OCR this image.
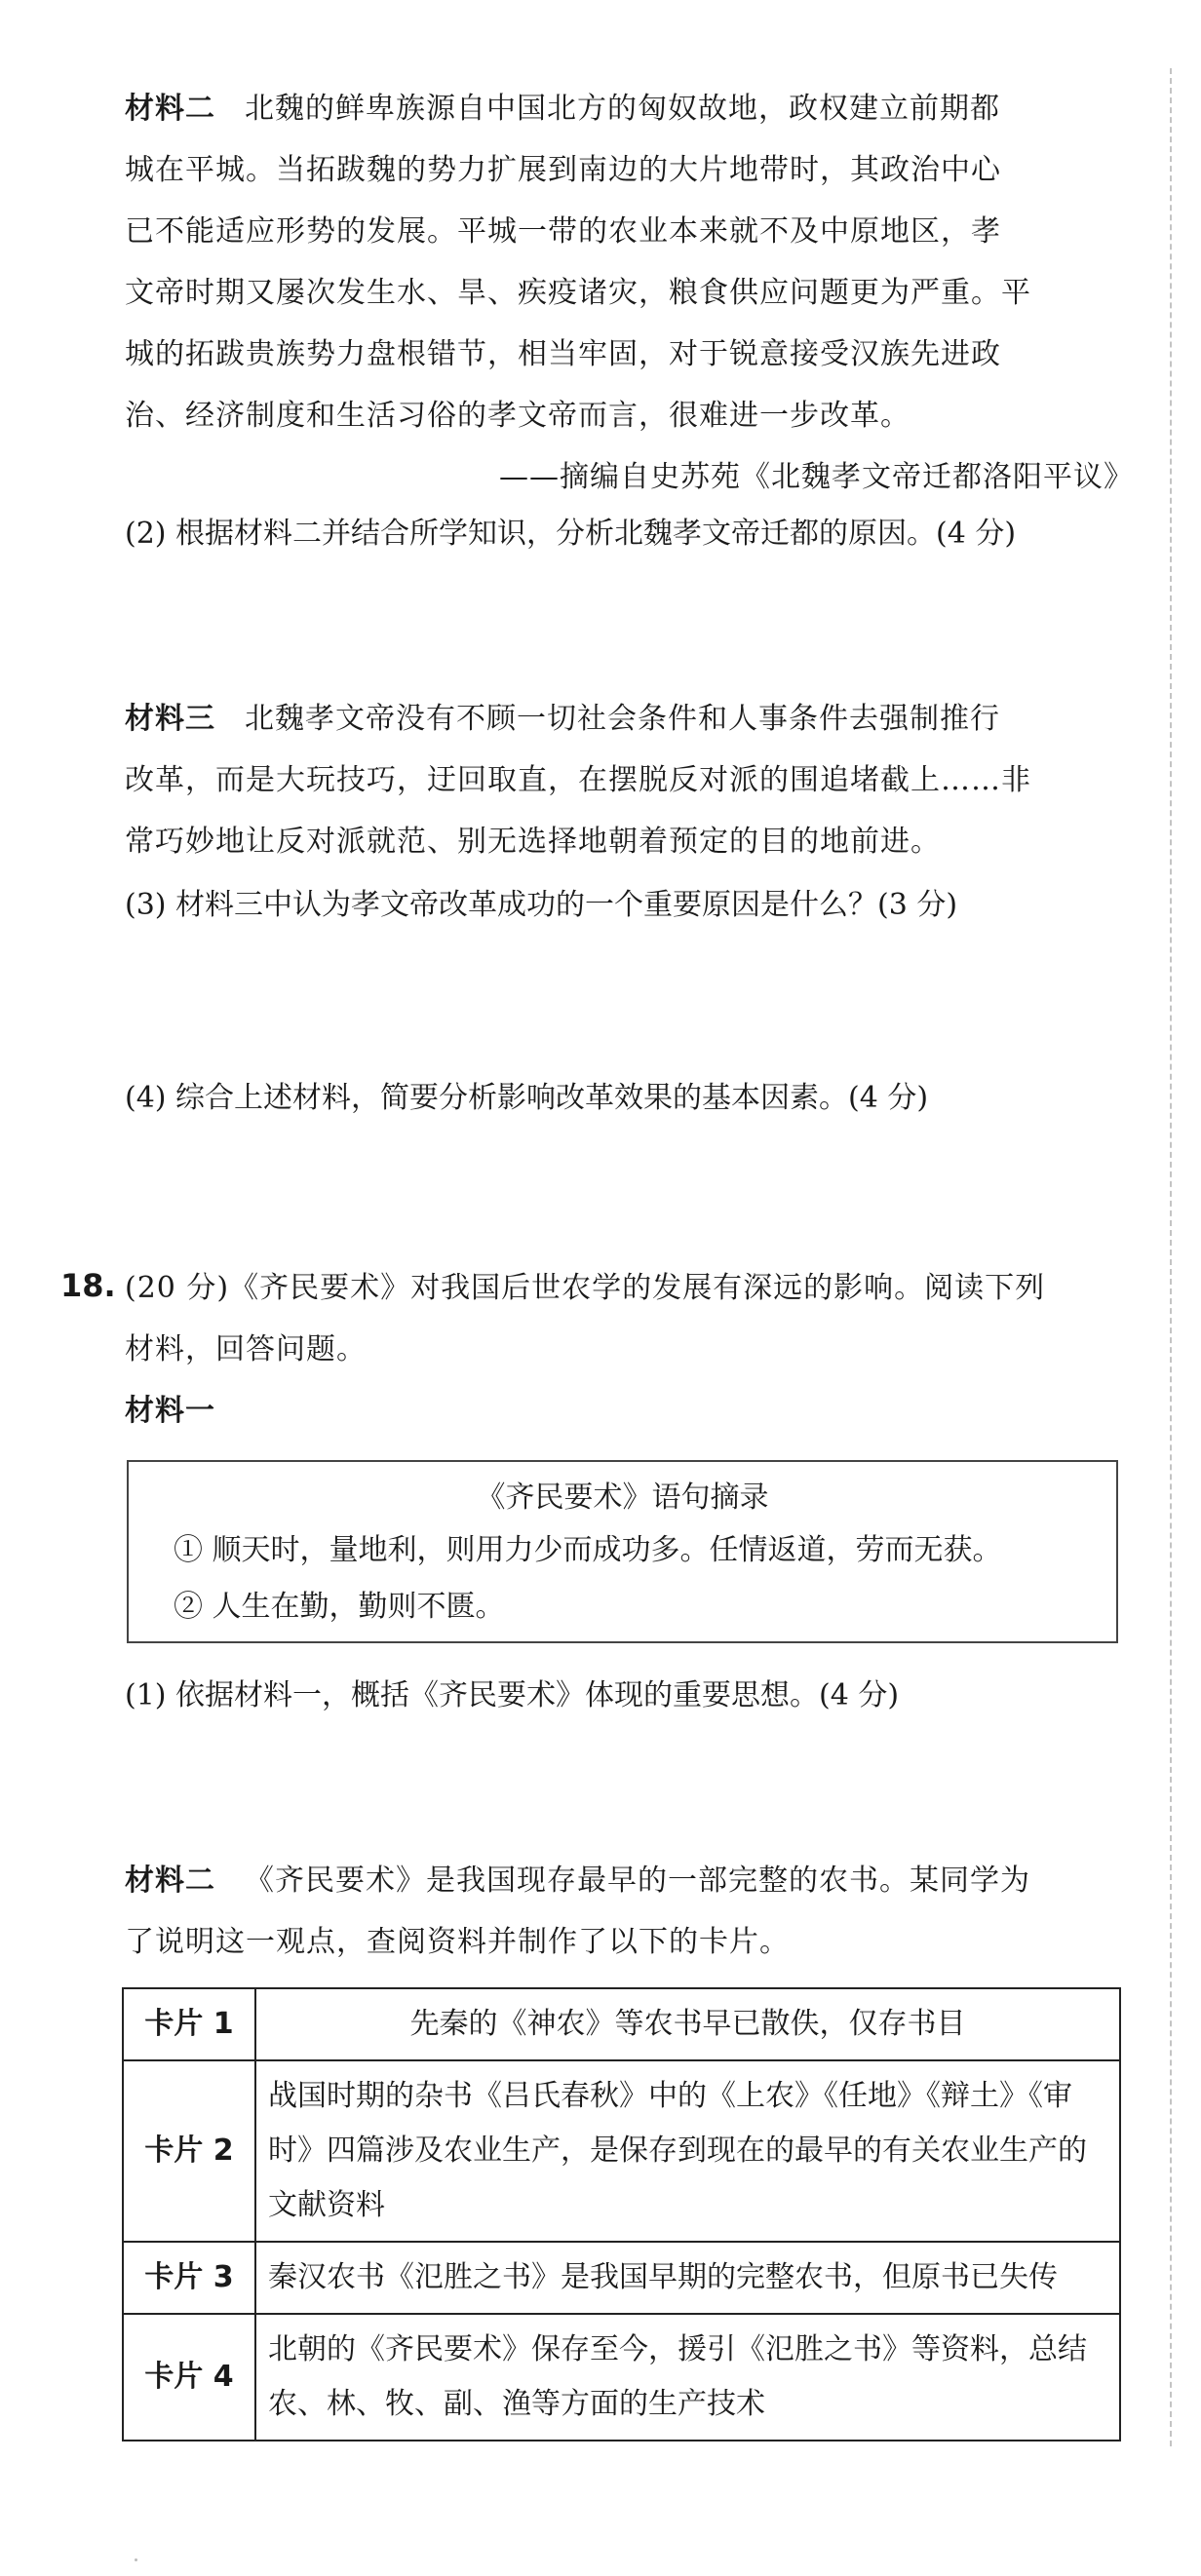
材料二 北魏的鲜卑族源自中国北方的匈奴故地，政权建立前期都

城在平城。当拓跋魏的势力扩展到南边的大片地带时，其政治中心

已不能适应形势的发展。平城一带的农业本来就不及中原地区，孝

文帝时期又屡次发生水、旱、疾疫诸灾，粮食供应问题更为严重。平

城的拓跋贵族势力盘根错节，相当牢固，对于锐意接受汉族先进政

治、经济制度和生活习俗的孝文帝而言，很难进一步改革。

——摘编自史苏苑《北魏孝文帝迁都洛阳平议》

(2) 根据材料二并结合所学知识，分析北魏孝文帝迁都的原因。(4 分)

材料三 北魏孝文帝没有不顾一切社会条件和人事条件去强制推行

改革，而是大玩技巧，迂回取直，在摆脱反对派的围追堵截上……非

常巧妙地让反对派就范、别无选择地朝着预定的目的地前进。

(3) 材料三中认为孝文帝改革成功的一个重要原因是什么？(3 分)
(4) 综合上述材料，简要分析影响改革效果的基本因素。(4 分)
18. (20 分)《齐民要术》对我国后世农学的发展有深远的影响。阅读下列

材料，回答问题。

材料一

《齐民要术》语句摘录
① 顺天时，量地利，则用力少而成功多。任情返道，劳而无获。
② 人生在勤，勤则不匮。
(1) 依据材料一，概括《齐民要术》体现的重要思想。(4 分)

材料二 《齐民要术》是我国现存最早的一部完整的农书。某同学为

了说明这一观点，查阅资料并制作了以下的卡片。

卡片 1	先秦的《神农》等农书早已散佚，仅存书目
卡片 2	战国时期的杂书《吕氏春秋》中的《上农》《任地》《辩土》《审时》四篇涉及农业生产，是保存到现在的最早的有关农业生产的文献资料
卡片 3	秦汉农书《氾胜之书》是我国早期的完整农书，但原书已失传
卡片 4	北朝的《齐民要术》保存至今，援引《氾胜之书》等资料，总结农、林、牧、副、渔等方面的生产技术
